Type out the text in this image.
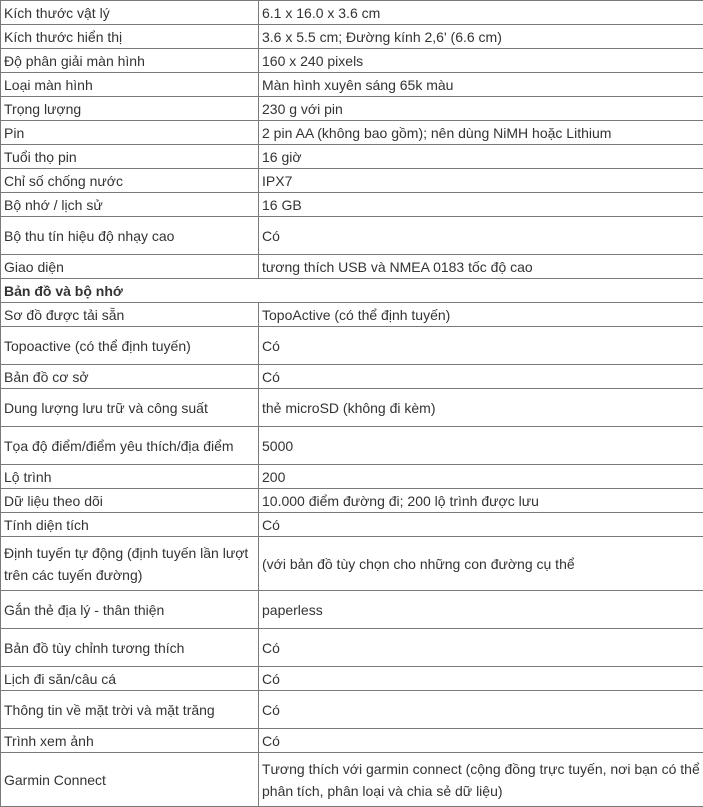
Kích thước vật lý	6.1 x 16.0 x 3.6 cm
Kích thước hiển thị	3.6 x 5.5 cm; Đường kính 2,6' (6.6 cm)
Độ phân giải màn hình	160 x 240 pixels
Loại màn hình	Màn hình xuyên sáng 65k màu
Trọng lượng	230 g với pin
Pin	2 pin AA (không bao gồm); nên dùng NiMH hoặc Lithium
Tuổi thọ pin	16 giờ
Chỉ số chống nước	IPX7
Bộ nhớ / lịch sử	16 GB
Bộ thu tín hiệu độ nhạy cao	Có
Giao diện	tương thích USB và NMEA 0183 tốc độ cao
Bản đồ và bộ nhớ	
Sơ đồ được tải sẵn	TopoActive (có thể định tuyến)
Topoactive (có thể định tuyến)	Có
Bản đồ cơ sở	Có
Dung lượng lưu trữ và công suất	thẻ microSD (không đi kèm)
Tọa độ điểm/điểm yêu thích/địa điểm	5000
Lộ trình	200
Dữ liệu theo dõi	10.000 điểm đường đi; 200 lộ trình được lưu
Tính diện tích	Có
Định tuyến tự động (định tuyến lần lượt trên các tuyến đường)	(với bản đồ tùy chọn cho những con đường cụ thể
Gắn thẻ địa lý - thân thiện	paperless
Bản đồ tùy chỉnh tương thích	Có
Lịch đi săn/câu cá	Có
Thông tin về mặt trời và mặt trăng	Có
Trình xem ảnh	Có
Garmin Connect	Tương thích với garmin connect (cộng đồng trực tuyến, nơi bạn có thể phân tích, phân loại và chia sẻ dữ liệu)
